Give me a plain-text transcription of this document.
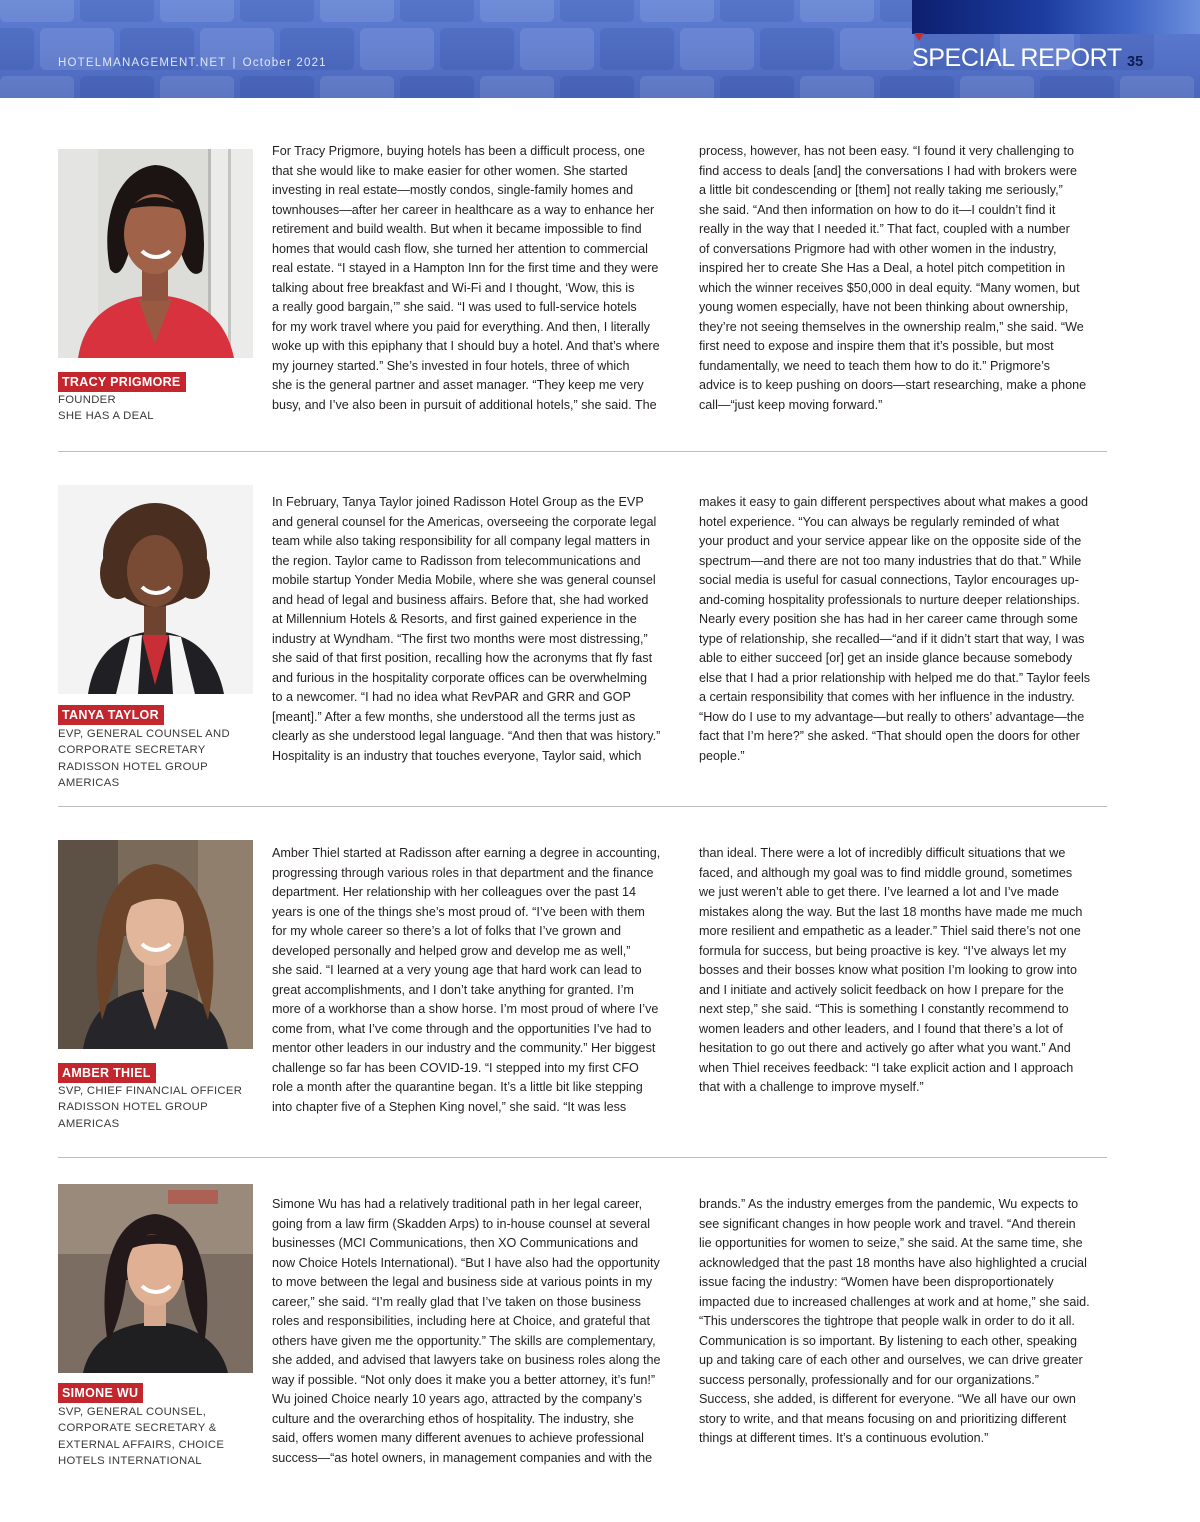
HOTELMANAGEMENT.NET | October 2021	SPECIAL REPORT 35
TRACY PRIGMORE
FOUNDER
SHE HAS A DEAL
For Tracy Prigmore, buying hotels has been a difficult process, one
that she would like to make easier for other women. She started
investing in real estate—mostly condos, single-family homes and
townhouses—after her career in healthcare as a way to enhance her
retirement and build wealth. But when it became impossible to find
homes that would cash flow, she turned her attention to commercial
real estate. “I stayed in a Hampton Inn for the first time and they were
talking about free breakfast and Wi-Fi and I thought, ‘Wow, this is
a really good bargain,’” she said. “I was used to full-service hotels
for my work travel where you paid for everything. And then, I literally
woke up with this epiphany that I should buy a hotel. And that’s where
my journey started.” She’s invested in four hotels, three of which
she is the general partner and asset manager. “They keep me very
busy, and I’ve also been in pursuit of additional hotels,” she said. The
process, however, has not been easy. “I found it very challenging to
find access to deals [and] the conversations I had with brokers were
a little bit condescending or [them] not really taking me seriously,”
she said. “And then information on how to do it—I couldn’t find it
really in the way that I needed it.” That fact, coupled with a number
of conversations Prigmore had with other women in the industry,
inspired her to create She Has a Deal, a hotel pitch competition in
which the winner receives $50,000 in deal equity. “Many women, but
young women especially, have not been thinking about ownership,
they’re not seeing themselves in the ownership realm,” she said. “We
first need to expose and inspire them that it’s possible, but most
fundamentally, we need to teach them how to do it.” Prigmore’s
advice is to keep pushing on doors—start researching, make a phone
call—“just keep moving forward.”
TANYA TAYLOR
EVP, GENERAL COUNSEL AND
CORPORATE SECRETARY
RADISSON HOTEL GROUP
AMERICAS
In February, Tanya Taylor joined Radisson Hotel Group as the EVP
and general counsel for the Americas, overseeing the corporate legal
team while also taking responsibility for all company legal matters in
the region. Taylor came to Radisson from telecommunications and
mobile startup Yonder Media Mobile, where she was general counsel
and head of legal and business affairs. Before that, she had worked
at Millennium Hotels & Resorts, and first gained experience in the
industry at Wyndham. “The first two months were most distressing,”
she said of that first position, recalling how the acronyms that fly fast
and furious in the hospitality corporate offices can be overwhelming
to a newcomer. “I had no idea what RevPAR and GRR and GOP
[meant].” After a few months, she understood all the terms just as
clearly as she understood legal language. “And then that was history.”
Hospitality is an industry that touches everyone, Taylor said, which
makes it easy to gain different perspectives about what makes a good
hotel experience. “You can always be regularly reminded of what
your product and your service appear like on the opposite side of the
spectrum—and there are not too many industries that do that.” While
social media is useful for casual connections, Taylor encourages up-
and-coming hospitality professionals to nurture deeper relationships.
Nearly every position she has had in her career came through some
type of relationship, she recalled—“and if it didn’t start that way, I was
able to either succeed [or] get an inside glance because somebody
else that I had a prior relationship with helped me do that.” Taylor feels
a certain responsibility that comes with her influence in the industry.
“How do I use to my advantage—but really to others’ advantage—the
fact that I’m here?” she asked. “That should open the doors for other
people.”
AMBER THIEL
SVP, CHIEF FINANCIAL OFFICER
RADISSON HOTEL GROUP
AMERICAS
Amber Thiel started at Radisson after earning a degree in accounting,
progressing through various roles in that department and the finance
department. Her relationship with her colleagues over the past 14
years is one of the things she’s most proud of. “I’ve been with them
for my whole career so there’s a lot of folks that I’ve grown and
developed personally and helped grow and develop me as well,”
she said. “I learned at a very young age that hard work can lead to
great accomplishments, and I don’t take anything for granted. I’m
more of a workhorse than a show horse. I’m most proud of where I’ve
come from, what I’ve come through and the opportunities I’ve had to
mentor other leaders in our industry and the community.” Her biggest
challenge so far has been COVID-19. “I stepped into my first CFO
role a month after the quarantine began. It’s a little bit like stepping
into chapter five of a Stephen King novel,” she said. “It was less
than ideal. There were a lot of incredibly difficult situations that we
faced, and although my goal was to find middle ground, sometimes
we just weren’t able to get there. I’ve learned a lot and I’ve made
mistakes along the way. But the last 18 months have made me much
more resilient and empathetic as a leader.” Thiel said there’s not one
formula for success, but being proactive is key. “I’ve always let my
bosses and their bosses know what position I’m looking to grow into
and I initiate and actively solicit feedback on how I prepare for the
next step,” she said. “This is something I constantly recommend to
women leaders and other leaders, and I found that there’s a lot of
hesitation to go out there and actively go after what you want.” And
when Thiel receives feedback: “I take explicit action and I approach
that with a challenge to improve myself.”
SIMONE WU
SVP, GENERAL COUNSEL,
CORPORATE SECRETARY &
EXTERNAL AFFAIRS, CHOICE
HOTELS INTERNATIONAL
Simone Wu has had a relatively traditional path in her legal career,
going from a law firm (Skadden Arps) to in-house counsel at several
businesses (MCI Communications, then XO Communications and
now Choice Hotels International). “But I have also had the opportunity
to move between the legal and business side at various points in my
career,” she said. “I’m really glad that I’ve taken on those business
roles and responsibilities, including here at Choice, and grateful that
others have given me the opportunity.” The skills are complementary,
she added, and advised that lawyers take on business roles along the
way if possible. “Not only does it make you a better attorney, it’s fun!”
Wu joined Choice nearly 10 years ago, attracted by the company’s
culture and the overarching ethos of hospitality. The industry, she
said, offers women many different avenues to achieve professional
success—“as hotel owners, in management companies and with the
brands.” As the industry emerges from the pandemic, Wu expects to
see significant changes in how people work and travel. “And therein
lie opportunities for women to seize,” she said. At the same time, she
acknowledged that the past 18 months have also highlighted a crucial
issue facing the industry: “Women have been disproportionately
impacted due to increased challenges at work and at home,” she said.
“This underscores the tightrope that people walk in order to do it all.
Communication is so important. By listening to each other, speaking
up and taking care of each other and ourselves, we can drive greater
success personally, professionally and for our organizations.”
Success, she added, is different for everyone. “We all have our own
story to write, and that means focusing on and prioritizing different
things at different times. It’s a continuous evolution.”
